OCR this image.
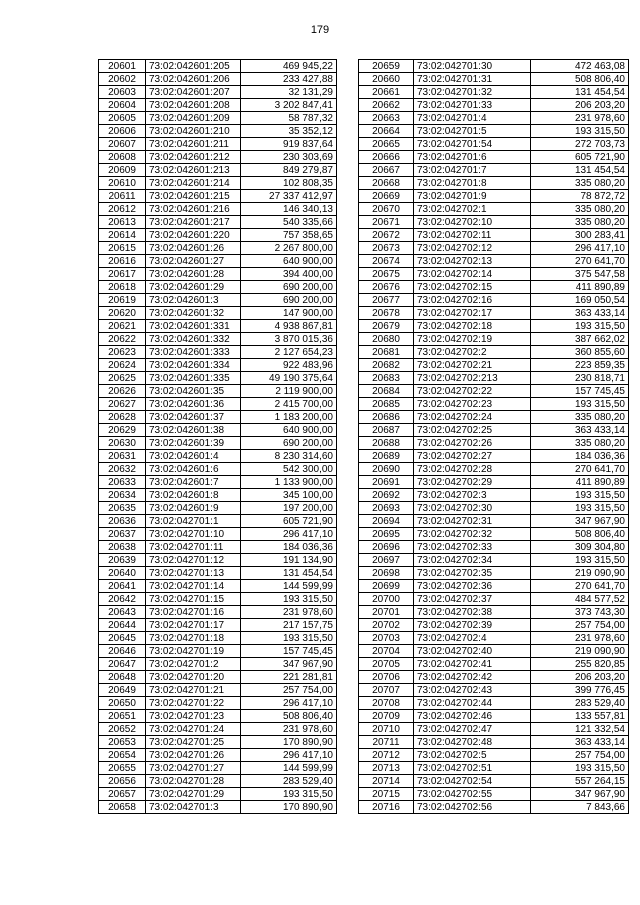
179
20601	73:02:042601:205	469 945,22
20602	73:02:042601:206	233 427,88
20603	73:02:042601:207	32 131,29
20604	73:02:042601:208	3 202 847,41
20605	73:02:042601:209	58 787,32
20606	73:02:042601:210	35 352,12
20607	73:02:042601:211	919 837,64
20608	73:02:042601:212	230 303,69
20609	73:02:042601:213	849 279,87
20610	73:02:042601:214	102 808,35
20611	73:02:042601:215	27 337 412,97
20612	73:02:042601:216	146 340,13
20613	73:02:042601:217	540 335,66
20614	73:02:042601:220	757 358,65
20615	73:02:042601:26	2 267 800,00
20616	73:02:042601:27	640 900,00
20617	73:02:042601:28	394 400,00
20618	73:02:042601:29	690 200,00
20619	73:02:042601:3	690 200,00
20620	73:02:042601:32	147 900,00
20621	73:02:042601:331	4 938 867,81
20622	73:02:042601:332	3 870 015,36
20623	73:02:042601:333	2 127 654,23
20624	73:02:042601:334	922 483,96
20625	73:02:042601:335	49 190 375,64
20626	73:02:042601:35	2 119 900,00
20627	73:02:042601:36	2 415 700,00
20628	73:02:042601:37	1 183 200,00
20629	73:02:042601:38	640 900,00
20630	73:02:042601:39	690 200,00
20631	73:02:042601:4	8 230 314,60
20632	73:02:042601:6	542 300,00
20633	73:02:042601:7	1 133 900,00
20634	73:02:042601:8	345 100,00
20635	73:02:042601:9	197 200,00
20636	73:02:042701:1	605 721,90
20637	73:02:042701:10	296 417,10
20638	73:02:042701:11	184 036,36
20639	73:02:042701:12	191 134,90
20640	73:02:042701:13	131 454,54
20641	73:02:042701:14	144 599,99
20642	73:02:042701:15	193 315,50
20643	73:02:042701:16	231 978,60
20644	73:02:042701:17	217 157,75
20645	73:02:042701:18	193 315,50
20646	73:02:042701:19	157 745,45
20647	73:02:042701:2	347 967,90
20648	73:02:042701:20	221 281,81
20649	73:02:042701:21	257 754,00
20650	73:02:042701:22	296 417,10
20651	73:02:042701:23	508 806,40
20652	73:02:042701:24	231 978,60
20653	73:02:042701:25	170 890,90
20654	73:02:042701:26	296 417,10
20655	73:02:042701:27	144 599,99
20656	73:02:042701:28	283 529,40
20657	73:02:042701:29	193 315,50
20658	73:02:042701:3	170 890,90
20659	73:02:042701:30	472 463,08
20660	73:02:042701:31	508 806,40
20661	73:02:042701:32	131 454,54
20662	73:02:042701:33	206 203,20
20663	73:02:042701:4	231 978,60
20664	73:02:042701:5	193 315,50
20665	73:02:042701:54	272 703,73
20666	73:02:042701:6	605 721,90
20667	73:02:042701:7	131 454,54
20668	73:02:042701:8	335 080,20
20669	73:02:042701:9	78 872,72
20670	73:02:042702:1	335 080,20
20671	73:02:042702:10	335 080,20
20672	73:02:042702:11	300 283,41
20673	73:02:042702:12	296 417,10
20674	73:02:042702:13	270 641,70
20675	73:02:042702:14	375 547,58
20676	73:02:042702:15	411 890,89
20677	73:02:042702:16	169 050,54
20678	73:02:042702:17	363 433,14
20679	73:02:042702:18	193 315,50
20680	73:02:042702:19	387 662,02
20681	73:02:042702:2	360 855,60
20682	73:02:042702:21	223 859,35
20683	73:02:042702:213	230 818,71
20684	73:02:042702:22	157 745,45
20685	73:02:042702:23	193 315,50
20686	73:02:042702:24	335 080,20
20687	73:02:042702:25	363 433,14
20688	73:02:042702:26	335 080,20
20689	73:02:042702:27	184 036,36
20690	73:02:042702:28	270 641,70
20691	73:02:042702:29	411 890,89
20692	73:02:042702:3	193 315,50
20693	73:02:042702:30	193 315,50
20694	73:02:042702:31	347 967,90
20695	73:02:042702:32	508 806,40
20696	73:02:042702:33	309 304,80
20697	73:02:042702:34	193 315,50
20698	73:02:042702:35	219 090,90
20699	73:02:042702:36	270 641,70
20700	73:02:042702:37	484 577,52
20701	73:02:042702:38	373 743,30
20702	73:02:042702:39	257 754,00
20703	73:02:042702:4	231 978,60
20704	73:02:042702:40	219 090,90
20705	73:02:042702:41	255 820,85
20706	73:02:042702:42	206 203,20
20707	73:02:042702:43	399 776,45
20708	73:02:042702:44	283 529,40
20709	73:02:042702:46	133 557,81
20710	73:02:042702:47	121 332,54
20711	73:02:042702:48	363 433,14
20712	73:02:042702:5	257 754,00
20713	73:02:042702:51	193 315,50
20714	73:02:042702:54	557 264,15
20715	73:02:042702:55	347 967,90
20716	73:02:042702:56	7 843,66
